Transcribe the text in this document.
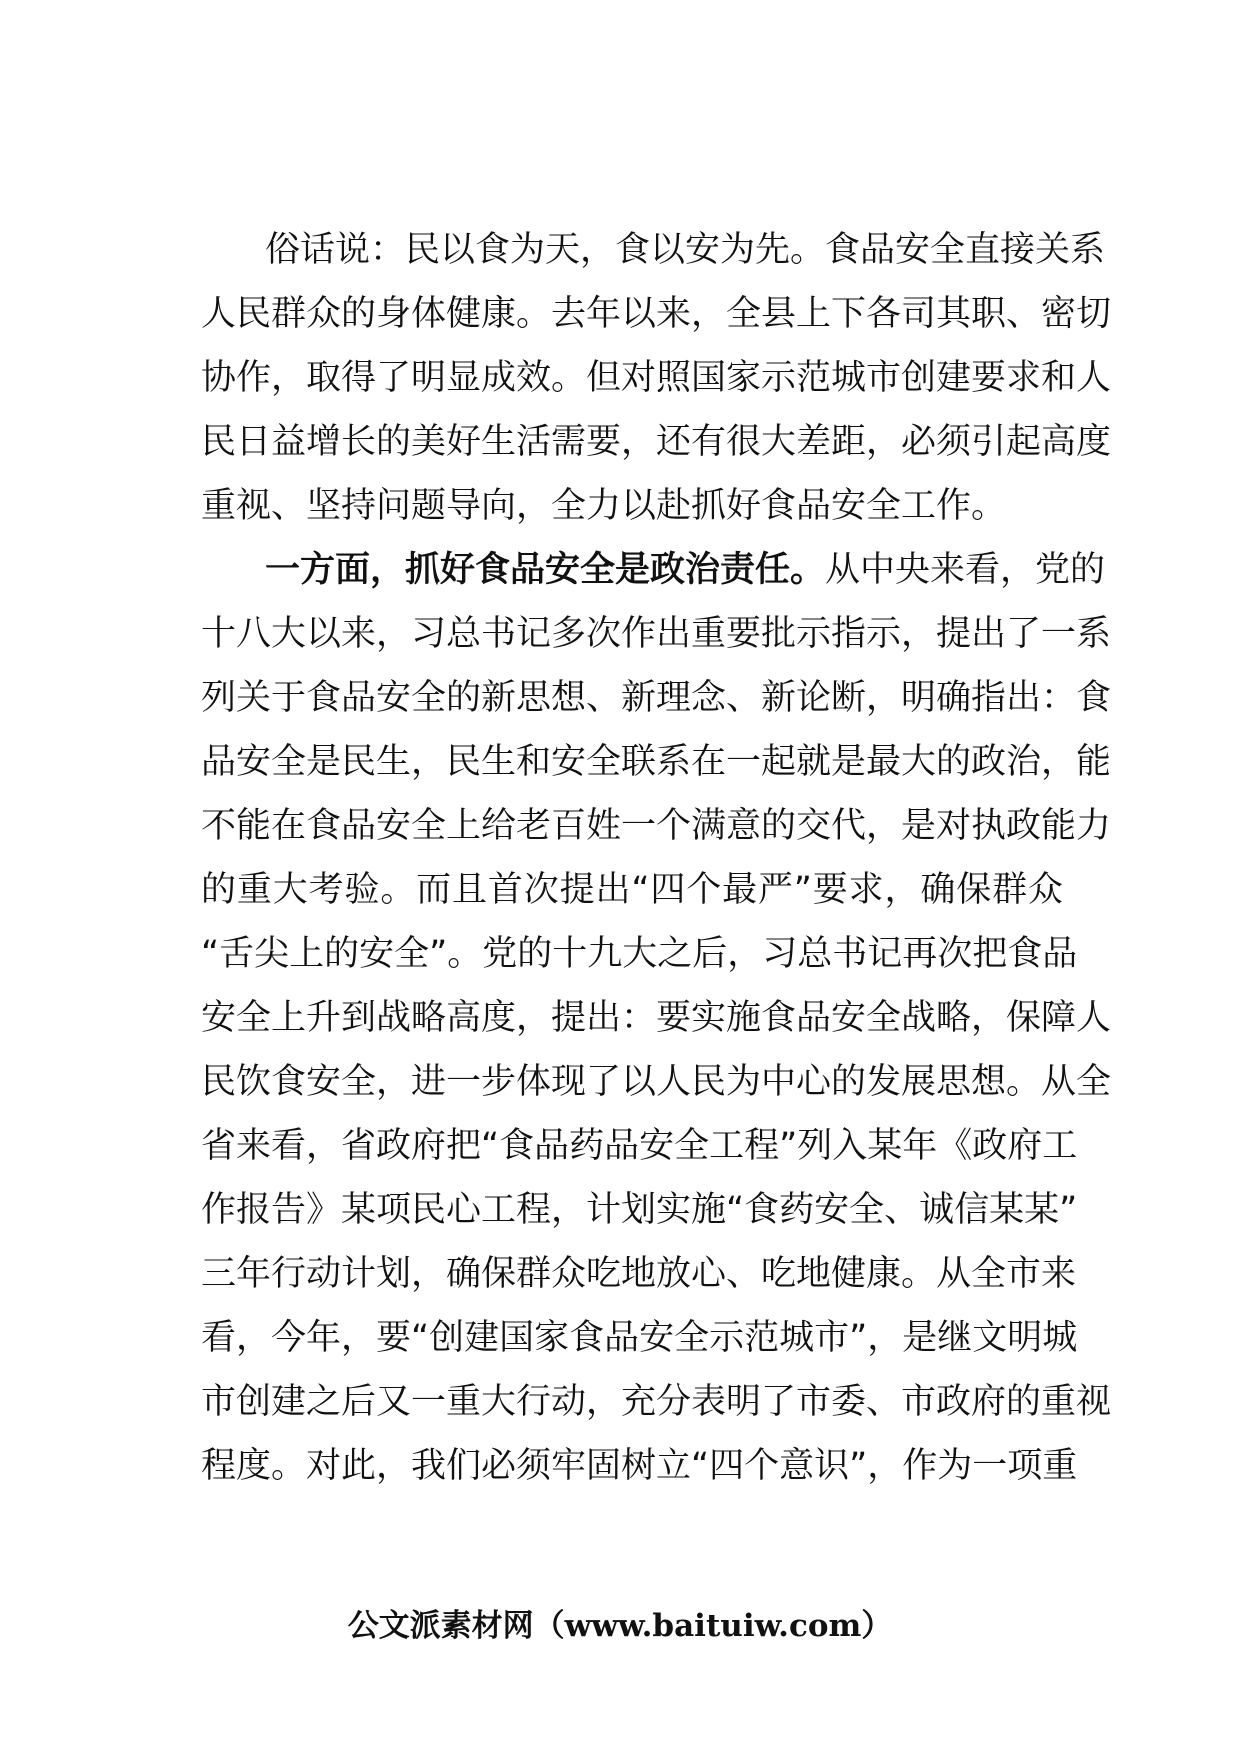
俗话说：民以食为天，食以安为先。食品安全直接关系
人民群众的身体健康。去年以来，全县上下各司其职、密切
协作，取得了明显成效。但对照国家示范城市创建要求和人
民日益增长的美好生活需要，还有很大差距，必须引起高度
重视、坚持问题导向，全力以赴抓好食品安全工作。
一方面，抓好食品安全是政治责任。从中央来看，党的
十八大以来，习总书记多次作出重要批示指示，提出了一系
列关于食品安全的新思想、新理念、新论断，明确指出：食
品安全是民生，民生和安全联系在一起就是最大的政治，能
不能在食品安全上给老百姓一个满意的交代，是对执政能力
的重大考验。而且首次提出“四个最严”要求，确保群众
“舌尖上的安全”。党的十九大之后，习总书记再次把食品
安全上升到战略高度，提出：要实施食品安全战略，保障人
民饮食安全，进一步体现了以人民为中心的发展思想。从全
省来看，省政府把“食品药品安全工程”列入某年《政府工
作报告》某项民心工程，计划实施“食药安全、诚信某某”
三年行动计划，确保群众吃地放心、吃地健康。从全市来
看，今年，要“创建国家食品安全示范城市”，是继文明城
市创建之后又一重大行动，充分表明了市委、市政府的重视
程度。对此，我们必须牢固树立“四个意识”，作为一项重
公文派素材网（www.baituiw.com）
